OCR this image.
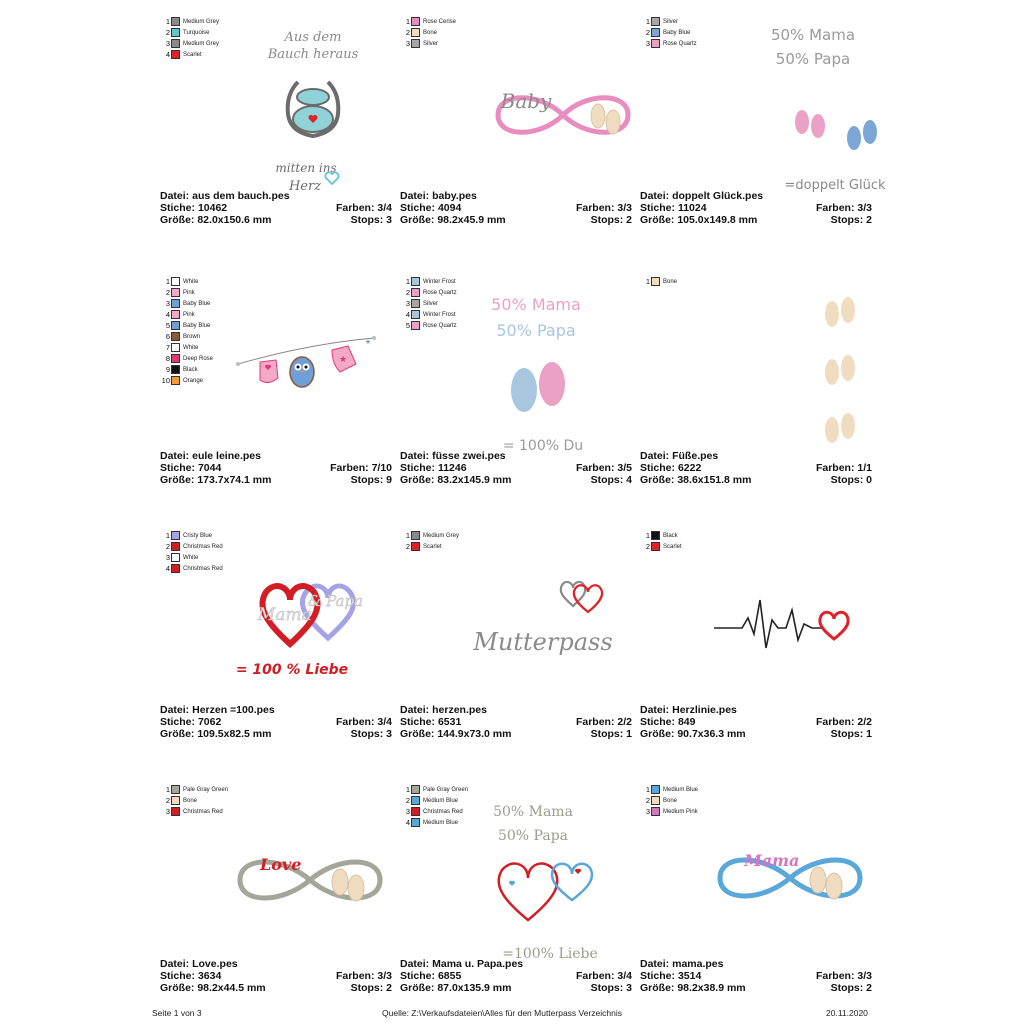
1 Medium Grey
2 Turquoise
3 Medium Grey
4 Scarlet
Aus dem
Bauch heraus
mitten ins
Herz
Datei: aus dem bauch.pes
Stiche: 10462	Farben: 3/4
Größe: 82.0x150.6 mm	Stops: 3
1 Rose Cerise
2 Bone
3 Silver
Baby
Datei: baby.pes
Stiche: 4094	Farben: 3/3
Größe: 98.2x45.9 mm	Stops: 2
1 Silver
2 Baby Blue
3 Rose Quartz	50% Mama
50% Papa
=doppelt Glück
Datei: doppelt Glück.pes
Stiche: 11024	Farben: 3/3
Größe: 105.0x149.8 mm	Stops: 2
1 White
2 Pink
3 Baby Blue
4 Pink
5 Baby Blue
6 Brown
7 White
8 Deep Rose
9 Black
10 Orange
★
★
Datei: eule leine.pes
Stiche: 7044	Farben: 7/10
Größe: 173.7x74.1 mm	Stops: 9
1 Winter Frost
2 Rose Quartz
3 Silver
4 Winter Frost
5 Rose Quartz
50% Mama
50% Papa
= 100% Du
Datei: füsse zwei.pes
Stiche: 11246	Farben: 3/5
Größe: 83.2x145.9 mm	Stops: 4
1 Bone
Datei: Füße.pes
Stiche: 6222	Farben: 1/1
Größe: 38.6x151.8 mm	Stops: 0
1 Cristy Blue
2 Christmas Red
3 White
4 Christmas Red
Mama
& Papa
= 100 % Liebe
Datei: Herzen =100.pes
Stiche: 7062	Farben: 3/4
Größe: 109.5x82.5 mm	Stops: 3
1 Medium Grey
2 Scarlet
Mutterpass
Datei: herzen.pes
Stiche: 6531	Farben: 2/2
Größe: 144.9x73.0 mm	Stops: 1
1 Black
2 Scarlet
Datei: Herzlinie.pes
Stiche: 849	Farben: 2/2
Größe: 90.7x36.3 mm	Stops: 1
1 Pale Gray Green
2 Bone
3 Christmas Red
Love
Datei: Love.pes
Stiche: 3634	Farben: 3/3
Größe: 98.2x44.5 mm	Stops: 2
1 Pale Gray Green
2 Medium Blue
3 Christmas Red
4 Medium Blue
50% Mama
50% Papa
=100% Liebe
Datei: Mama u. Papa.pes
Stiche: 6855	Farben: 3/4
Größe: 87.0x135.9 mm	Stops: 3
1 Medium Blue
2 Bone
3 Medium Pink
Mama
Datei: mama.pes
Stiche: 3514	Farben: 3/3
Größe: 98.2x38.9 mm	Stops: 2
Seite 1 von 3	Quelle: Z:\Verkaufsdateien\Alles für den Mutterpass Verzeichnis	20.11.2020
